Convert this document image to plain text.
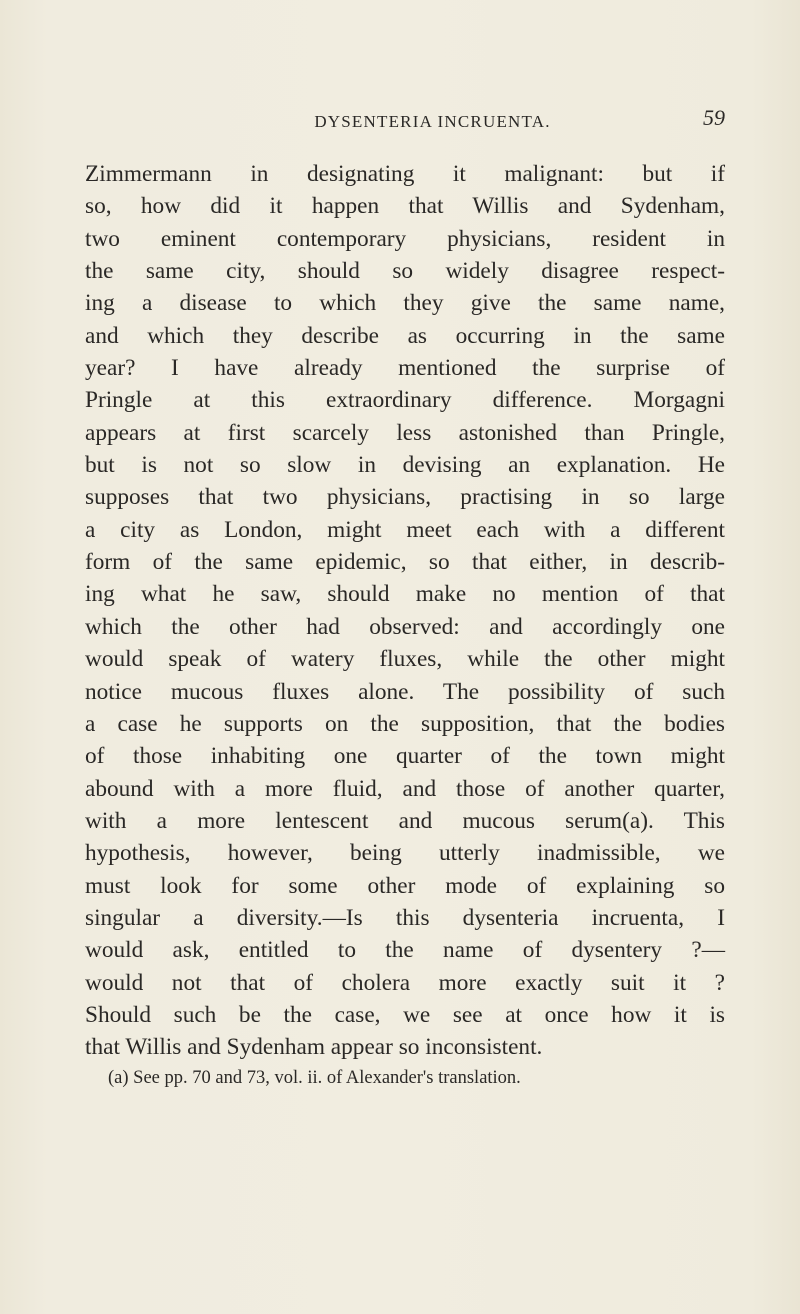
DYSENTERIA INCRUENTA.	59
Zimmermann in designating it malignant: but if
so, how did it happen that Willis and Sydenham,
two eminent contemporary physicians, resident in
the same city, should so widely disagree respect-
ing a disease to which they give the same name,
and which they describe as occurring in the same
year? I have already mentioned the surprise of
Pringle at this extraordinary difference. Morgagni
appears at first scarcely less astonished than Pringle,
but is not so slow in devising an explanation. He
supposes that two physicians, practising in so large
a city as London, might meet each with a different
form of the same epidemic, so that either, in describ-
ing what he saw, should make no mention of that
which the other had observed: and accordingly one
would speak of watery fluxes, while the other might
notice mucous fluxes alone. The possibility of such
a case he supports on the supposition, that the bodies
of those inhabiting one quarter of the town might
abound with a more fluid, and those of another quarter,
with a more lentescent and mucous serum(a). This
hypothesis, however, being utterly inadmissible, we
must look for some other mode of explaining so
singular a diversity.—Is this dysenteria incruenta, I
would ask, entitled to the name of dysentery ?—
would not that of cholera more exactly suit it ?
Should such be the case, we see at once how it is
that Willis and Sydenham appear so inconsistent.
(a) See pp. 70 and 73, vol. ii. of Alexander's translation.
